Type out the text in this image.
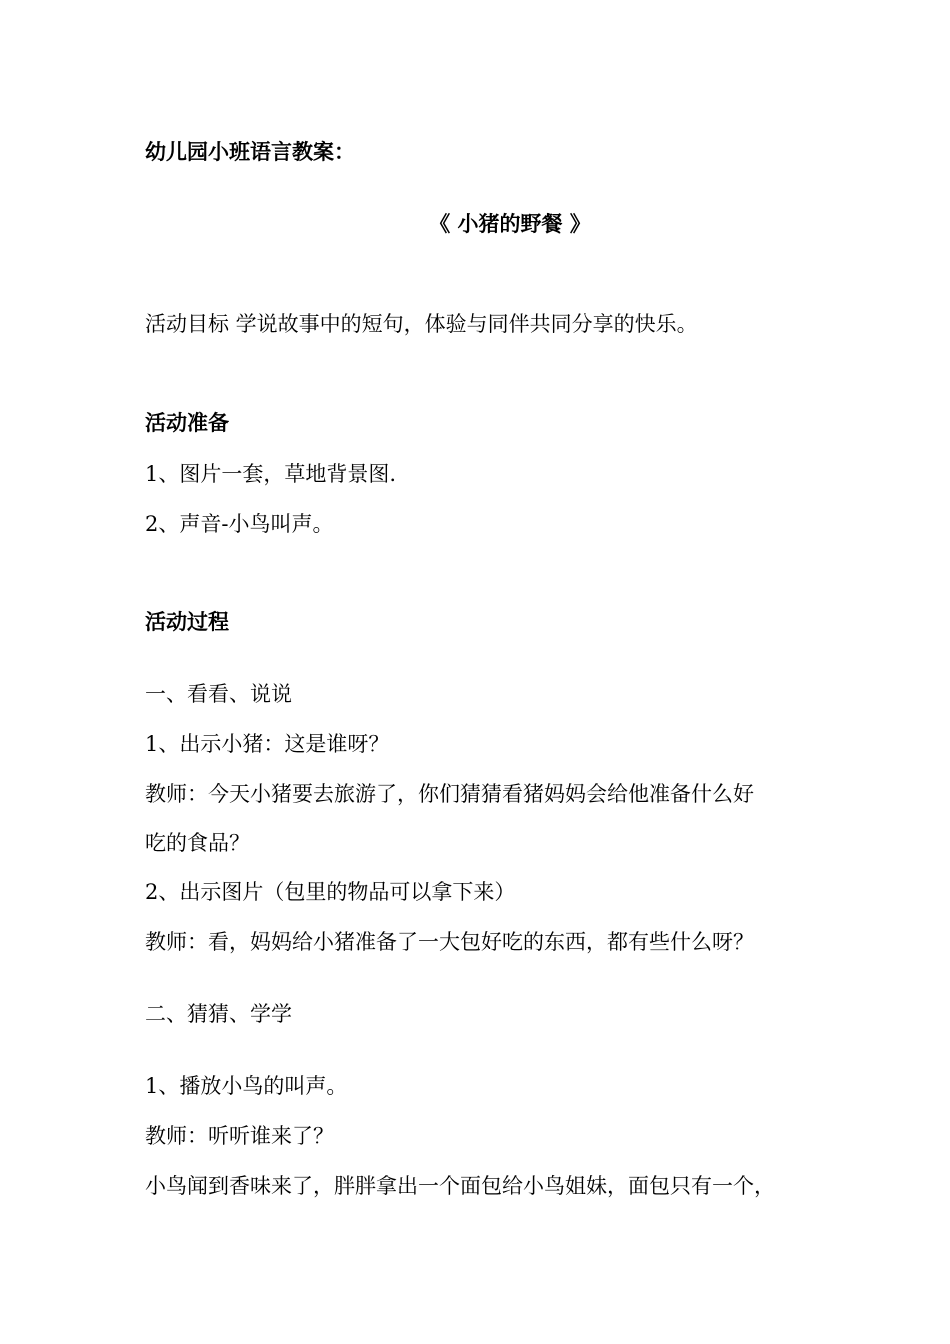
幼儿园小班语言教案：
《 小猪的野餐 》
活动目标 学说故事中的短句，体验与同伴共同分享的快乐。
活动准备
1、图片一套，草地背景图.
2、声音-小鸟叫声。
活动过程
一、看看、说说
1、出示小猪：这是谁呀？
教师：今天小猪要去旅游了，你们猜猜看猪妈妈会给他准备什么好
吃的食品？
2、出示图片（包里的物品可以拿下来）
教师：看，妈妈给小猪准备了一大包好吃的东西，都有些什么呀？
二、猜猜、学学
1、播放小鸟的叫声。
教师：听听谁来了？
小鸟闻到香味来了，胖胖拿出一个面包给小鸟姐妹，面包只有一个，
